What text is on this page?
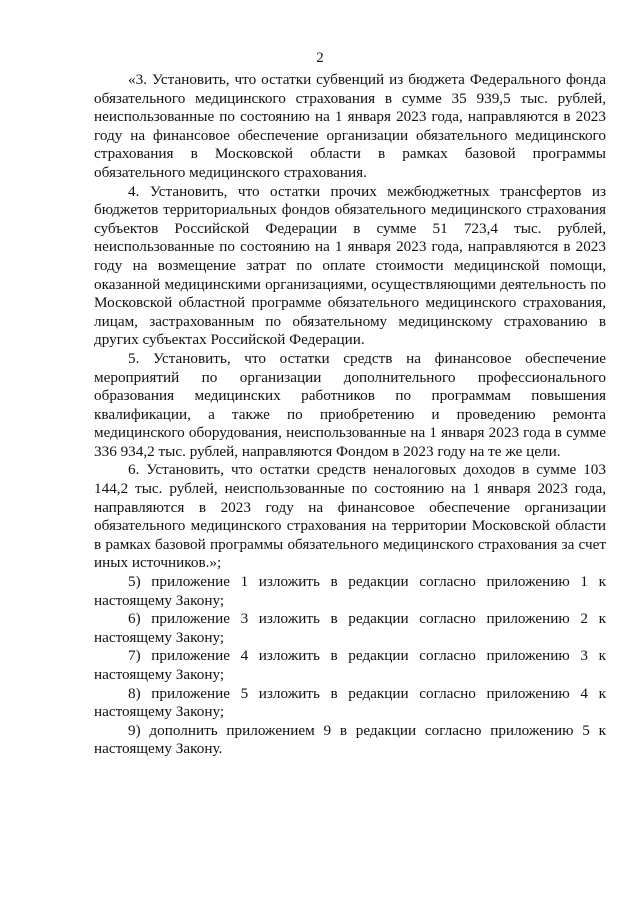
2

«3. Установить, что остатки субвенций из бюджета Федерального фонда обязательного медицинского страхования в сумме 35 939,5 тыс. рублей, неиспользованные по состоянию на 1 января 2023 года, направляются в 2023 году на финансовое обеспечение организации обязательного медицинского страхования в Московской области в рамках базовой программы обязательного медицинского страхования.

4. Установить, что остатки прочих межбюджетных трансфертов из бюджетов территориальных фондов обязательного медицинского страхования субъектов Российской Федерации в сумме 51 723,4 тыс. рублей, неиспользованные по состоянию на 1 января 2023 года, направляются в 2023 году на возмещение затрат по оплате стоимости медицинской помощи, оказанной медицинскими организациями, осуществляющими деятельность по Московской областной программе обязательного медицинского страхования, лицам, застрахованным по обязательному медицинскому страхованию в других субъектах Российской Федерации.

5. Установить, что остатки средств на финансовое обеспечение мероприятий по организации дополнительного профессионального образования медицинских работников по программам повышения квалификации, а также по приобретению и проведению ремонта медицинского оборудования, неиспользованные на 1 января 2023 года в сумме 336 934,2 тыс. рублей, направляются Фондом в 2023 году на те же цели.

6. Установить, что остатки средств неналоговых доходов в сумме 103 144,2 тыс. рублей, неиспользованные по состоянию на 1 января 2023 года, направляются в 2023 году на финансовое обеспечение организации обязательного медицинского страхования на территории Московской области в рамках базовой программы обязательного медицинского страхования за счет иных источников.»;

5) приложение 1 изложить в редакции согласно приложению 1 к настоящему Закону;

6) приложение 3 изложить в редакции согласно приложению 2 к настоящему Закону;

7) приложение 4 изложить в редакции согласно приложению 3 к настоящему Закону;

8) приложение 5 изложить в редакции согласно приложению 4 к настоящему Закону;

9) дополнить приложением 9 в редакции согласно приложению 5 к настоящему Закону.
